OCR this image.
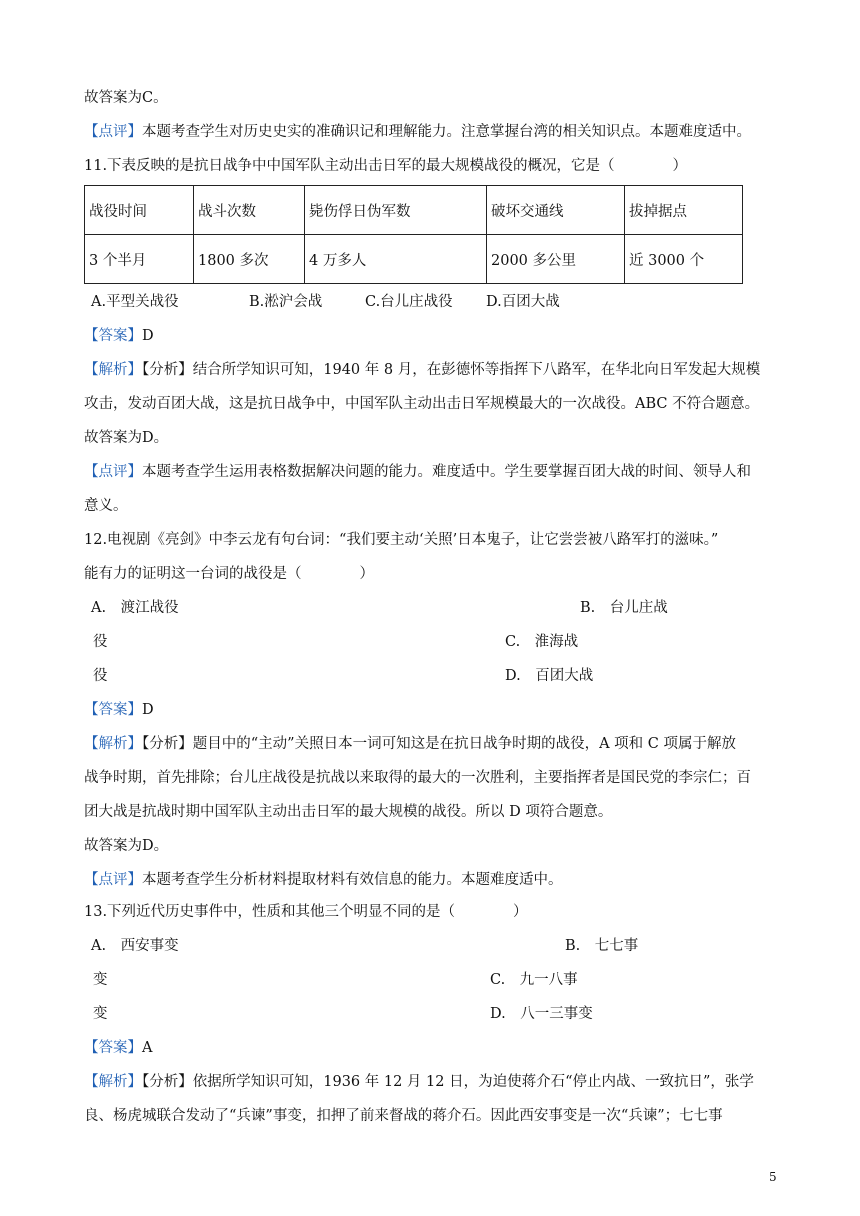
故答案为C。
【点评】本题考查学生对历史史实的准确识记和理解能力。注意掌握台湾的相关知识点。本题难度适中。
11.下表反映的是抗日战争中中国军队主动出击日军的最大规模战役的概况，它是（　　　　）
战役时间	战斗次数	毙伤俘日伪军数	破坏交通线	拔掉据点
3 个半月	1800 多次	4 万多人	2000 多公里	近 3000 个
A.平型关战役	B.淞沪会战	C.台儿庄战役 D.百团大战
【答案】D
【解析】【分析】结合所学知识可知，1940 年 8 月，在彭德怀等指挥下八路军，在华北向日军发起大规模
攻击，发动百团大战，这是抗日战争中，中国军队主动出击日军规模最大的一次战役。ABC 不符合题意。
故答案为D。
【点评】本题考查学生运用表格数据解决问题的能力。难度适中。学生要掌握百团大战的时间、领导人和
意义。
12.电视剧《亮剑》中李云龙有句台词：“我们要主动‘关照’日本鬼子，让它尝尝被八路军打的滋味。”
能有力的证明这一台词的战役是（　　　　）
A.　渡江战役	B.　台儿庄战
役	C.　淮海战
役	D.　百团大战
【答案】D
【解析】【分析】题目中的“主动”关照日本一词可知这是在抗日战争时期的战役，A 项和 C 项属于解放
战争时期，首先排除；台儿庄战役是抗战以来取得的最大的一次胜利，主要指挥者是国民党的李宗仁；百
团大战是抗战时期中国军队主动出击日军的最大规模的战役。所以 D 项符合题意。
故答案为D。
【点评】本题考查学生分析材料提取材料有效信息的能力。本题难度适中。
13.下列近代历史事件中，性质和其他三个明显不同的是（　　　　）
A.　西安事变	B.　七七事
变	C.　九一八事
变	D.　八一三事变
【答案】A
【解析】【分析】依据所学知识可知，1936 年 12 月 12 日，为迫使蒋介石“停止内战、一致抗日”，张学
良、杨虎城联合发动了“兵谏”事变，扣押了前来督战的蒋介石。因此西安事变是一次“兵谏”；七七事
5
